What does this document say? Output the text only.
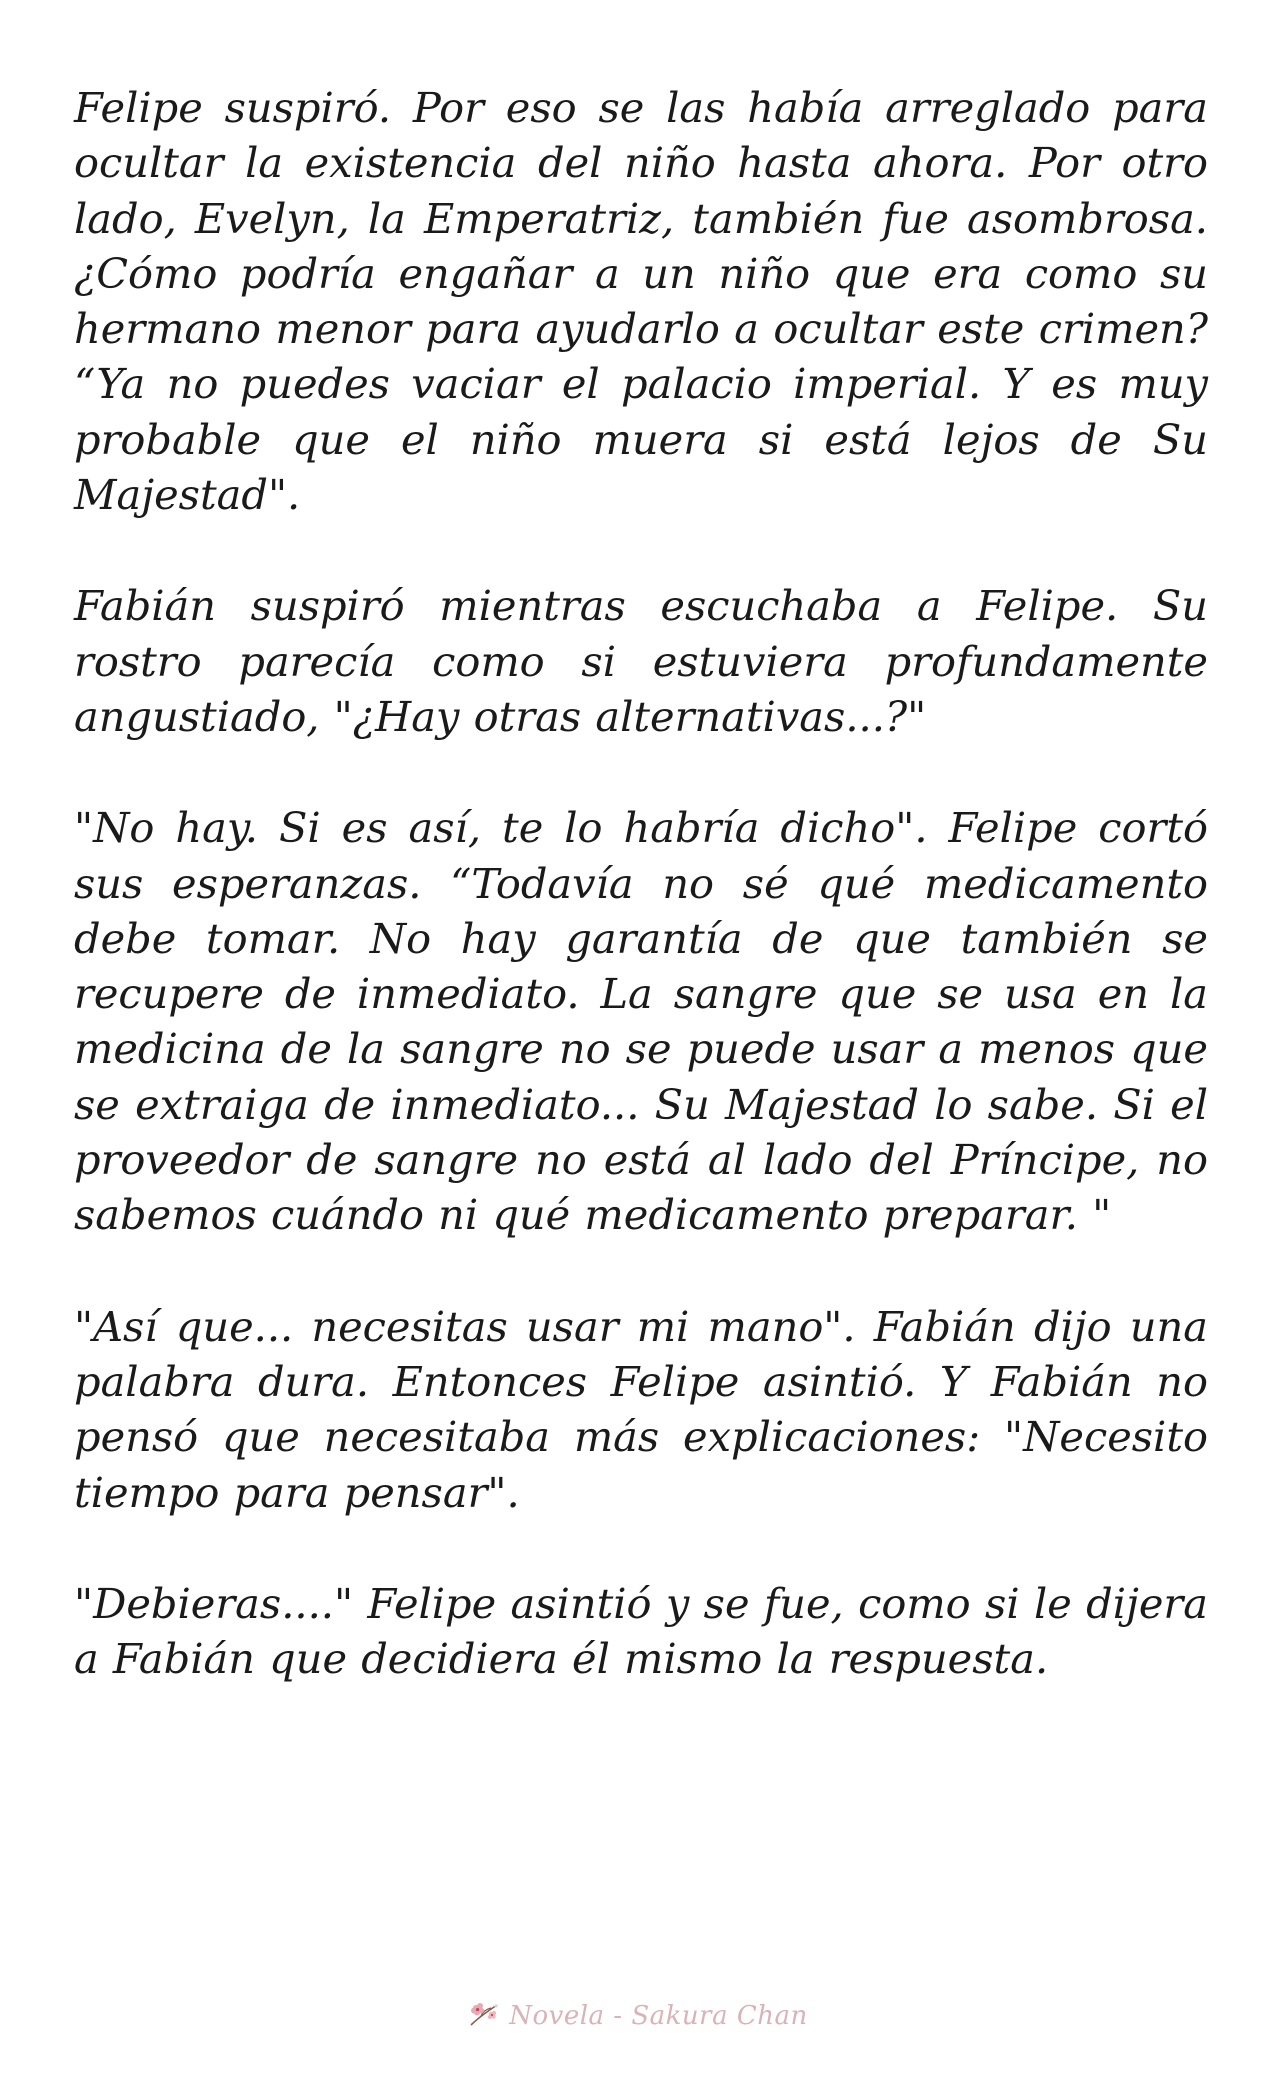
Felipe suspiró. Por eso se las había arreglado para ocultar la existencia del niño hasta ahora. Por otro lado, Evelyn, la Emperatriz, también fue asombrosa. ¿Cómo podría engañar a un niño que era como su hermano menor para ayudarlo a ocultar este crimen? “Ya no puedes vaciar el palacio imperial. Y es muy probable que el niño muera si está lejos de Su Majestad".

Fabián suspiró mientras escuchaba a Felipe. Su rostro parecía como si estuviera profundamente angustiado, "¿Hay otras alternativas...?"

"No hay. Si es así, te lo habría dicho". Felipe cortó sus esperanzas. “Todavía no sé qué medicamento debe tomar. No hay garantía de que también se recupere de inmediato. La sangre que se usa en la medicina de la sangre no se puede usar a menos que se extraiga de inmediato... Su Majestad lo sabe. Si el proveedor de sangre no está al lado del Príncipe, no sabemos cuándo ni qué medicamento preparar. "

"Así que... necesitas usar mi mano". Fabián dijo una palabra dura. Entonces Felipe asintió. Y Fabián no pensó que necesitaba más explicaciones: "Necesito tiempo para pensar".

"Debieras...." Felipe asintió y se fue, como si le dijera a Fabián que decidiera él mismo la respuesta.

Novela - Sakura Chan
